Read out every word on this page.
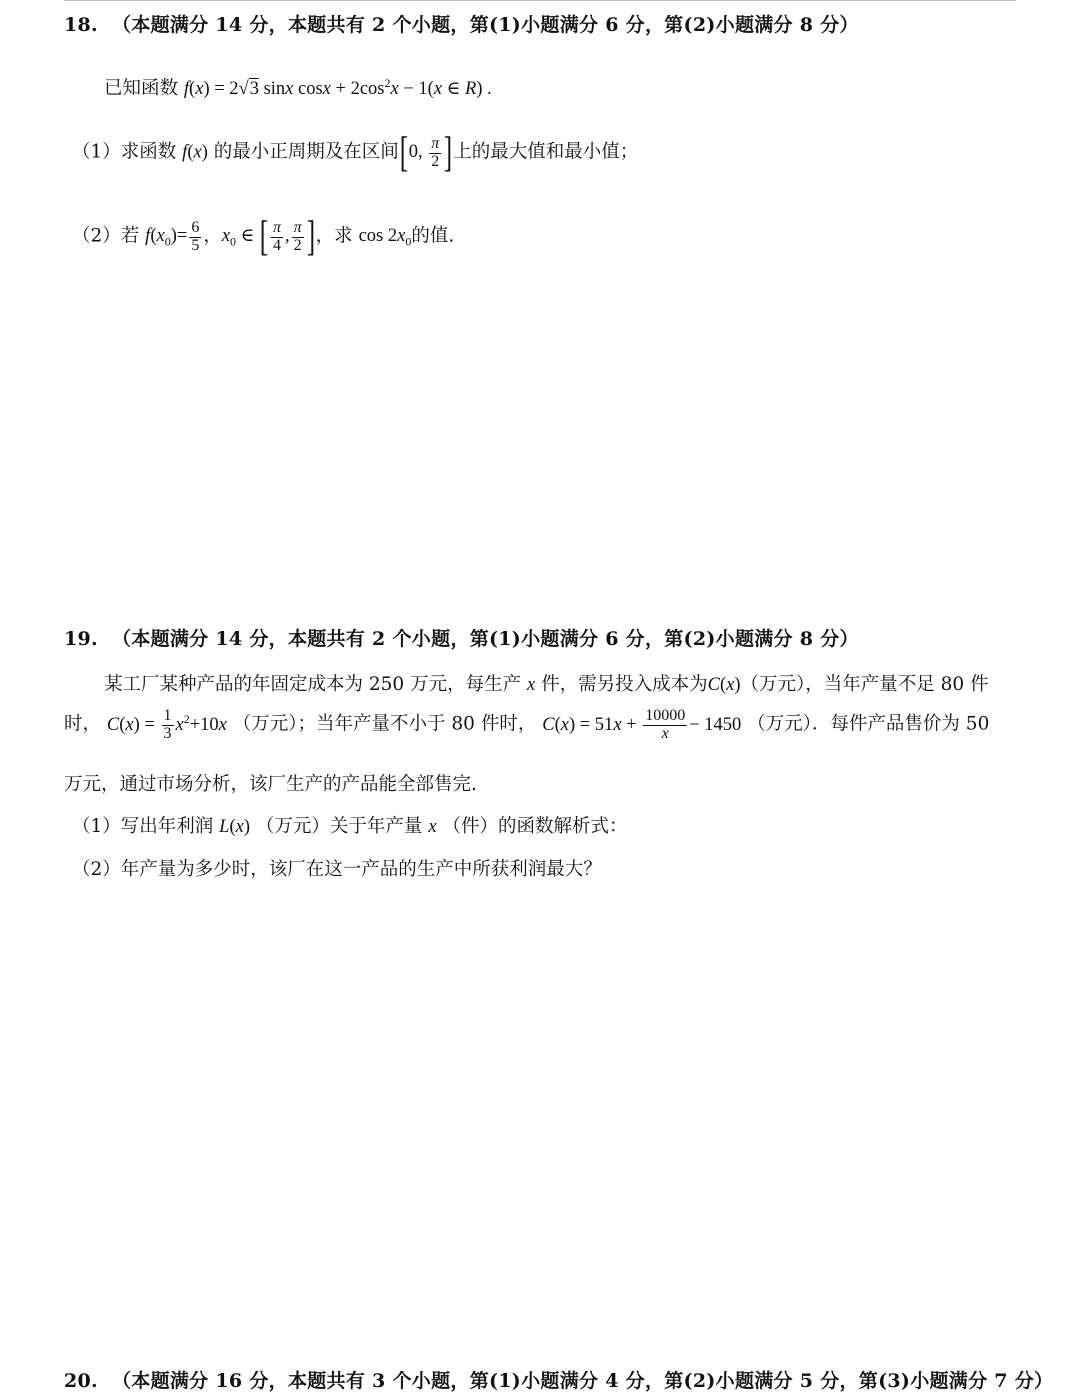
18. （本题满分 14 分，本题共有 2 个小题，第(1)小题满分 6 分，第(2)小题满分 8 分）
已知函数 f(x) = 2√3 sinx $\cos x + 2\cos^2x - 1(x$ ∈ R) .
（1）求函数 f(x) 的最小正周期及在区间[0, $\frac{\pi}{2}$ ]上的最大值和最小值；
（2）若 $f(x_0)= \frac{6}{5}$ ，$x_0$ ∈ [ $\frac{\pi}{4}$ , $\frac{\pi}{2}$ ]，求 $\cos 2x_0$的值.
19. （本题满分 14 分，本题共有 2 个小题，第(1)小题满分 6 分，第(2)小题满分 8 分）
某工厂某种产品的年固定成本为 250 万元，每生产 x 件，需另投入成本为C(x)（万元），当年产量不足 80 件
时， $C(x) = \frac{1}{3} x^2+10x$ （万元）；当年产量不小于 80 件时， $C(x) = 51x + \frac{10000}{x} - 1450$ （万元）．每件产品售价为 50
万元，通过市场分析，该厂生产的产品能全部售完.
（1）写出年利润 L(x) （万元）关于年产量 x （件）的函数解析式：
（2）年产量为多少时，该厂在这一产品的生产中所获利润最大？
20. （本题满分 16 分，本题共有 3 个小题，第(1)小题满分 4 分，第(2)小题满分 5 分，第(3)小题满分 7 分）
